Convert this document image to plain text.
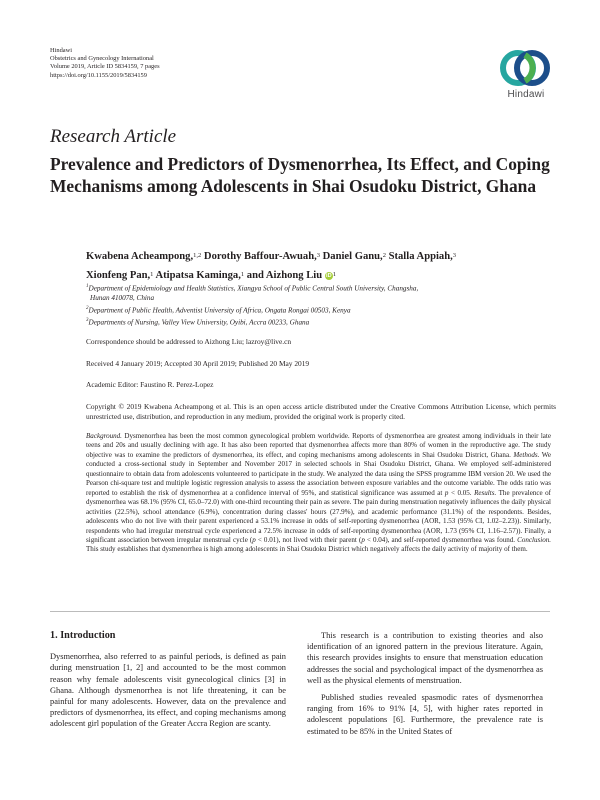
Hindawi
Obstetrics and Gynecology International
Volume 2019, Article ID 5834159, 7 pages
https://doi.org/10.1155/2019/5834159
Hindawi
Research Article
Prevalence and Predictors of Dysmenorrhea, Its Effect, and Coping Mechanisms among Adolescents in Shai Osudoku District, Ghana
Kwabena Acheampong,$^{1,2}$ Dorothy Baffour-Awuah,$^3$ Daniel Ganu,$^2$ Stalla Appiah,$^3$
Xionfeng Pan,$^1$ Atipatsa Kaminga,$^1$ and Aizhong Liu $iD^1$
$^1$Department of Epidemiology and Health Statistics, Xiangya School of Public Central South University, Changsha,
Hunan 410078, China
$^2$Department of Public Health, Adventist University of Africa, Ongata Rongai 00503, Kenya
$^3$Departments of Nursing, Valley View University, Oyibi, Accra 00233, Ghana
Correspondence should be addressed to Aizhong Liu; lazroy@live.cn
Received 4 January 2019; Accepted 30 April 2019; Published 20 May 2019
Academic Editor: Faustino R. Perez-Lopez
Copyright © 2019 Kwabena Acheampong et al. This is an open access article distributed under the Creative Commons Attribution License, which permits unrestricted use, distribution, and reproduction in any medium, provided the original work is properly cited.
Background. Dysmenorrhea has been the most common gynecological problem worldwide. Reports of dysmenorrhea are greatest among individuals in their late teens and 20s and usually declining with age. It has also been reported that dysmenorrhea affects more than 80% of women in the reproductive age. The study objective was to examine the predictors of dysmenorrhea, its effect, and coping mechanisms among adolescents in Shai Osudoku District, Ghana. Methods. We conducted a cross-sectional study in September and November 2017 in selected schools in Shai Osudoku District, Ghana. We employed self-administered questionnaire to obtain data from adolescents volunteered to participate in the study. We analyzed the data using the SPSS programme IBM version 20. We used the Pearson chi-square test and multiple logistic regression analysis to assess the association between exposure variables and the outcome variable. The odds ratio was reported to establish the risk of dysmenorrhea at a confidence interval of 95%, and statistical significance was assumed at p < 0.05. Results. The prevalence of dysmenorrhea was 68.1% (95% CI, 65.0–72.0) with one-third recounting their pain as severe. The pain during menstruation negatively influences the daily physical activities (22.5%), school attendance (6.9%), concentration during classes' hours (27.9%), and academic performance (31.1%) of the respondents. Besides, adolescents who do not live with their parent experienced a 53.1% increase in odds of self-reporting dysmenorrhea (AOR, 1.53 (95% CI, 1.02–2.23)). Similarly, respondents who had irregular menstrual cycle experienced a 72.5% increase in odds of self-reporting dysmenorrhea (AOR, 1.73 (95% CI, 1.16–2.57)). Finally, a significant association between irregular menstrual cycle (p < 0.01), not lived with their parent (p < 0.04), and self-reported dysmenorrhea was found. Conclusion. This study establishes that dysmenorrhea is high among adolescents in Shai Osudoku District which negatively affects the daily activity of majority of them.
1. Introduction

Dysmenorrhea, also referred to as painful periods, is defined as pain during menstruation [1, 2] and accounted to be the most common reason why female adolescents visit gynecological clinics [3] in Ghana. Although dysmenorrhea is not life threatening, it can be painful for many adolescents. However, data on the prevalence and predictors of dysmenorrhea, its effect, and coping mechanisms among adolescent girl population of the Greater Accra Region are scanty.

This research is a contribution to existing theories and also identification of an ignored pattern in the previous literature. Again, this research provides insights to ensure that menstruation education addresses the social and psychological impact of the dysmenorrhea as well as the physical elements of menstruation.

Published studies revealed spasmodic rates of dysmenorrhea ranging from 16% to 91% [4, 5], with higher rates reported in adolescent populations [6]. Furthermore, the prevalence rate is estimated to be 85% in the United States of
